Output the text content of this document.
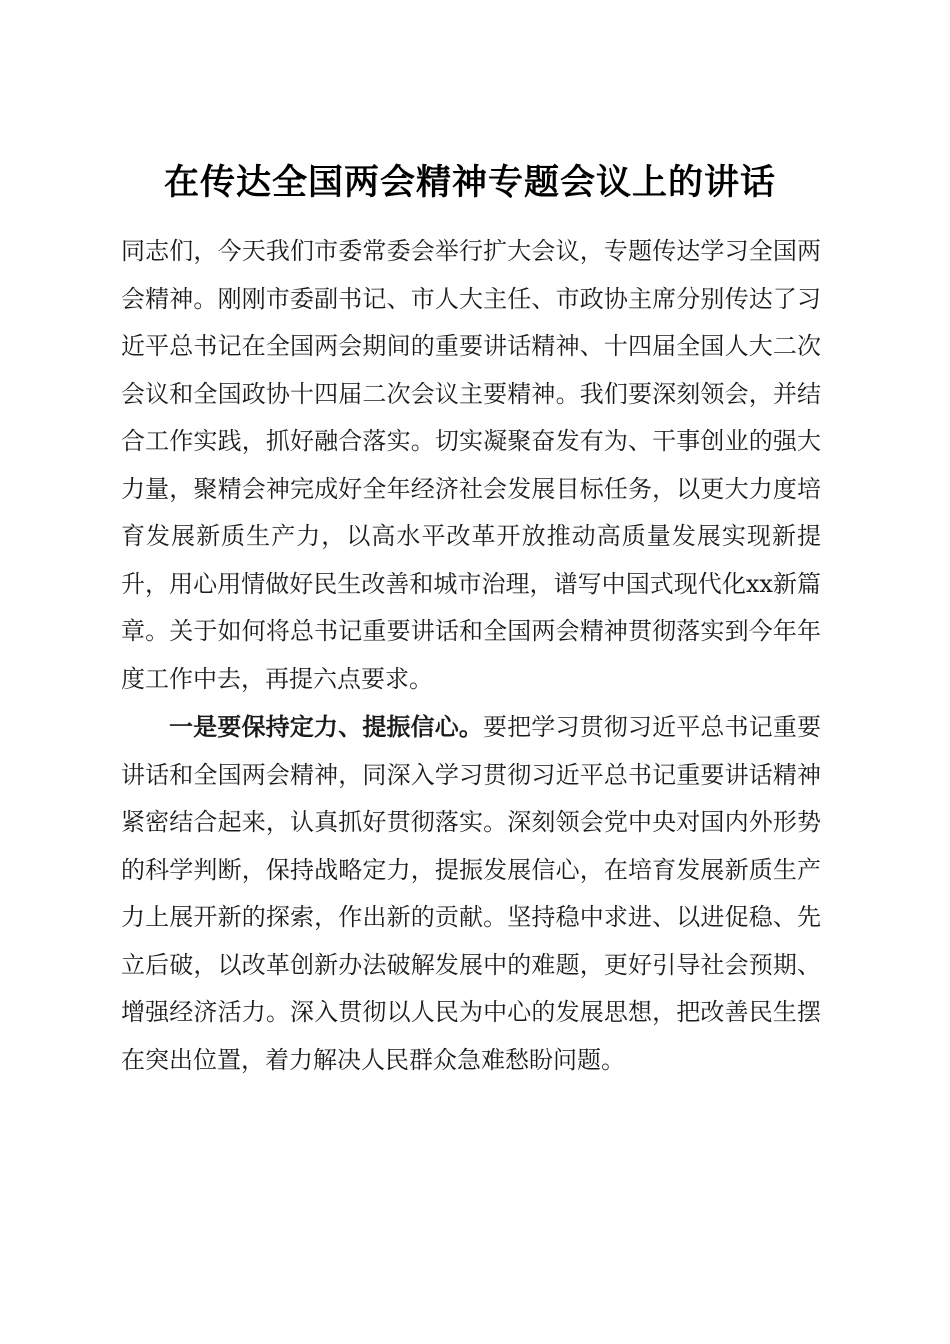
在传达全国两会精神专题会议上的讲话

同志们，今天我们市委常委会举行扩大会议，专题传达学习全国两会精神。刚刚市委副书记、市人大主任、市政协主席分别传达了习近平总书记在全国两会期间的重要讲话精神、十四届全国人大二次会议和全国政协十四届二次会议主要精神。我们要深刻领会，并结合工作实践，抓好融合落实。切实凝聚奋发有为、干事创业的强大力量，聚精会神完成好全年经济社会发展目标任务，以更大力度培育发展新质生产力，以高水平改革开放推动高质量发展实现新提升，用心用情做好民生改善和城市治理，谱写中国式现代化xx新篇章。关于如何将总书记重要讲话和全国两会精神贯彻落实到今年年度工作中去，再提六点要求。

一是要保持定力、提振信心。要把学习贯彻习近平总书记重要讲话和全国两会精神，同深入学习贯彻习近平总书记重要讲话精神紧密结合起来，认真抓好贯彻落实。深刻领会党中央对国内外形势的科学判断，保持战略定力，提振发展信心，在培育发展新质生产力上展开新的探索，作出新的贡献。坚持稳中求进、以进促稳、先立后破，以改革创新办法破解发展中的难题，更好引导社会预期、增强经济活力。深入贯彻以人民为中心的发展思想，把改善民生摆在突出位置，着力解决人民群众急难愁盼问题。
